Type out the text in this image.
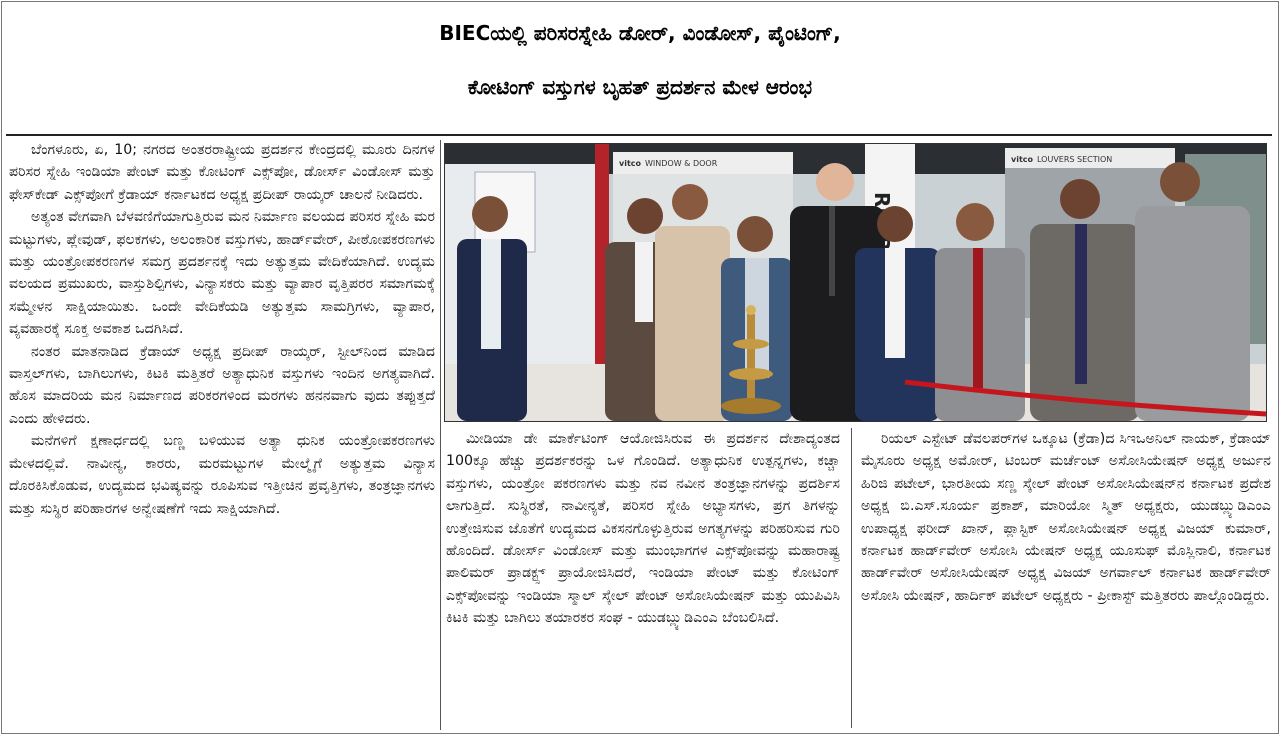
BIECಯಲ್ಲಿ ಪರಿಸರಸ್ನೇಹಿ ಡೋರ್, ವಿಂಡೋಸ್, ಪೈಂಟಿಂಗ್,
ಕೋಟಿಂಗ್ ವಸ್ತುಗಳ ಬೃಹತ್ ಪ್ರದರ್ಶನ ಮೇಳ ಆರಂಭ

ಬೆಂಗಳೂರು, ಏ, 10; ನಗರದ ಅಂತರರಾಷ್ಟ್ರೀಯ ಪ್ರದರ್ಶನ ಕೇಂದ್ರದಲ್ಲಿ ಮೂರು ದಿನಗಳ ಪರಿಸರ ಸ್ನೇಹಿ ಇಂಡಿಯಾ ಪೇಂಟ್ ಮತ್ತು ಕೋಟಿಂಗ್ ಎಕ್ಸ್‌ಪೋ, ಡೋರ್ಸ್ ವಿಂಡೋಸ್ ಮತ್ತು ಫೇಸ್‌ಕೇಡ್ ಎಕ್ಸ್‌ಪೋಗೆ ಕ್ರೆಡಾಯ್ ಕರ್ನಾಟಕದ ಅಧ್ಯಕ್ಷ ಪ್ರದೀಪ್ ರಾಯ್ಕರ್ ಚಾಲನೆ ನೀಡಿದರು.

ಅತ್ಯಂತ ವೇಗವಾಗಿ ಬೆಳವಣಿಗೆಯಾಗುತ್ತಿರುವ ಮನ ನಿರ್ಮಾಣ ವಲಯದ ಪರಿಸರ ಸ್ನೇಹಿ ಮರ ಮಟ್ಟುಗಳು, ಪ್ಲೇವುಡ್, ಫಲಕಗಳು, ಅಲಂಕಾರಿಕ ವಸ್ತುಗಳು, ಹಾರ್ಡ್‌ವೇರ್, ಪೀಠೋಪಕರಣಗಳು ಮತ್ತು ಯಂತ್ರೋಪಕರಣಗಳ ಸಮಗ್ರ ಪ್ರದರ್ಶನಕ್ಕೆ ಇದು ಅತ್ಯುತ್ತಮ ವೇದಿಕೆಯಾಗಿದೆ. ಉದ್ಯಮ ವಲಯದ ಪ್ರಮುಖರು, ವಾಸ್ತುಶಿಲ್ಪಿಗಳು, ವಿನ್ಯಾಸಕರು ಮತ್ತು ವ್ಯಾಪಾರ ವೃತ್ತಿಪರರ ಸಮಾಗಮಕ್ಕೆ ಸಮ್ಮೇಳನ ಸಾಕ್ಷಿಯಾಯಿತು. ಒಂದೇ ವೇದಿಕೆಯಡಿ ಅತ್ಯುತ್ತಮ ಸಾಮಗ್ರಿಗಳು, ವ್ಯಾಪಾರ, ವ್ಯವಹಾರಕ್ಕೆ ಸೂಕ್ತ ಅವಕಾಶ ಒದಗಿಸಿದೆ.

ನಂತರ ಮಾತನಾಡಿದ ಕ್ರೆಡಾಯ್ ಅಧ್ಯಕ್ಷ ಪ್ರದೀಪ್ ರಾಯ್ಕರ್, ಸ್ಟೀಲ್‌ನಿಂದ ಮಾಡಿದ ವಾಸ್ತಲ್‌ಗಳು, ಬಾಗಿಲುಗಳು, ಕಿಟಕಿ ಮತ್ತಿತರೆ ಅತ್ಯಾಧುನಿಕ ವಸ್ತುಗಳು ಇಂದಿನ ಅಗತ್ಯವಾಗಿದೆ. ಹೊಸ ಮಾದರಿಯ ಮನ ನಿರ್ಮಾಣದ ಪರಿಕರಗಳಿಂದ ಮರಗಳು ಹನನವಾಗು ವುದು ತಪ್ಪುತ್ತದೆ ಎಂದು ಹೇಳಿದರು.

ಮನೆಗಳಿಗೆ ಕ್ಷಣಾರ್ಧದಲ್ಲಿ ಬಣ್ಣ ಬಳಿಯುವ ಅತ್ಯಾ ಧುನಿಕ ಯಂತ್ರೋಪಕರಣಗಳು ಮೇಳದಲ್ಲಿವೆ. ನಾವೀನ್ಯ, ಕಾರರು, ಮರಮಟ್ಟುಗಳ ಮೇಲ್ಮೈಗೆ ಅತ್ಯುತ್ತಮ ವಿನ್ಯಾಸ ದೊರಕಿಸಿಕೊಡುವ, ಉದ್ಯಮದ ಭವಿಷ್ಯವನ್ನು ರೂಪಿಸುವ ಇತ್ತೀಚಿನ ಪ್ರವೃತ್ತಿಗಳು, ತಂತ್ರಜ್ಞಾನಗಳು ಮತ್ತು ಸುಸ್ಥಿರ ಪರಿಹಾರಗಳ ಅನ್ವೇಷಣೆಗೆ ಇದು ಸಾಕ್ಷಿಯಾಗಿದೆ.

vitco WINDOW & DOOR	vitco LOUVERS SECTION

ಮೀಡಿಯಾ ಡೇ ಮಾರ್ಕೆಟಿಂಗ್ ಆಯೋಜಿಸಿರುವ ಈ ಪ್ರದರ್ಶನ ದೇಶಾದ್ಯಂತದ 100ಕ್ಕೂ ಹೆಚ್ಚು ಪ್ರದರ್ಶಕರನ್ನು ಒಳ ಗೊಂಡಿದೆ. ಅತ್ಯಾಧುನಿಕ ಉತ್ಪನ್ನಗಳು, ಕಚ್ಚಾ ವಸ್ತುಗಳು, ಯಂತ್ರೋ ಪಕರಣಗಳು ಮತ್ತು ನವ ನವೀನ ತಂತ್ರಜ್ಞಾನಗಳನ್ನು ಪ್ರದರ್ಶಿಸ ಲಾಗುತ್ತಿದೆ. ಸುಸ್ಥಿರತೆ, ನಾವೀನ್ಯತೆ, ಪರಿಸರ ಸ್ನೇಹಿ ಅಭ್ಯಾಸಗಳು, ಪ್ರಗ ತಿಗಳನ್ನು ಉತ್ತೇಜಿಸುವ ಜೊತೆಗೆ ಉದ್ಯಮದ ವಿಕಸನಗೊಳ್ಳುತ್ತಿರುವ ಅಗತ್ಯಗಳನ್ನು ಪರಿಹರಿಸುವ ಗುರಿ ಹೊಂದಿದೆ. ಡೋರ್ಸ್ ವಿಂಡೋಸ್ ಮತ್ತು ಮುಂಭಾಗಗಳ ಎಕ್ಸ್‌ಪೋವನ್ನು ಮಹಾರಾಷ್ಟ್ರ ಪಾಲಿಮರ್ ಪ್ರಾಡಕ್ಟ್ಸ್ ಪ್ರಾಯೋಜಿಸಿದರೆ, ಇಂಡಿಯಾ ಪೇಂಟ್ ಮತ್ತು ಕೋಟಿಂಗ್ ಎಕ್ಸ್‌ಪೋವನ್ನು ಇಂಡಿಯಾ ಸ್ಮಾಲ್ ಸ್ಕೇಲ್ ಪೇಂಟ್ ಅಸೋಸಿಯೇಷನ್ ಮತ್ತು ಯುಪಿವಿಸಿ ಕಿಟಕಿ ಮತ್ತು ಬಾಗಿಲು ತಯಾರಕರ ಸಂಘ - ಯುಡಬ್ಲ್ಯುಡಿಎಂಎ ಬೆಂಬಲಿಸಿದೆ.

ರಿಯಲ್ ಎಸ್ಟೇಟ್ ಡೆವಲಪರ್‌ಗಳ ಒಕ್ಕೂಟ (ಕ್ರೆಡಾ)ದ ಸಿಇಒಅನಿಲ್ ನಾಯಕ್, ಕ್ರೆಡಾಯ್ ಮೈಸೂರು ಅಧ್ಯಕ್ಷ ಅಮೋರ್, ಟಿಂಬರ್ ಮರ್ಚೆಂಟ್ ಅಸೋಸಿಯೇಷನ್ ಅಧ್ಯಕ್ಷ ಅರ್ಜುನ ಹಿರಿಜಿ ಪಟೇಲ್, ಭಾರತೀಯ ಸಣ್ಣ ಸ್ಕೇಲ್ ಪೇಂಟ್ ಅಸೋಸಿಯೇಷನ್‌ನ ಕರ್ನಾಟಕ ಪ್ರದೇಶ ಅಧ್ಯಕ್ಷ ಬಿ.ಎಸ್.ಸೂರ್ಯ ಪ್ರಕಾಶ್, ಮಾರಿಯೋ ಸ್ಮಿತ್ ಅಧ್ಯಕ್ಷರು, ಯುಡಬ್ಲ್ಯುಡಿಎಂಎ ಉಪಾಧ್ಯಕ್ಷ ಫರೀದ್ ಖಾನ್, ಪ್ಲಾಸ್ಟಿಕ್ ಅಸೋಸಿಯೇಷನ್ ಅಧ್ಯಕ್ಷ ವಿಜಯ್ ಕುಮಾರ್, ಕರ್ನಾಟಕ ಹಾರ್ಡ್‌ವೇರ್ ಅಸೋಸಿ ಯೇಷನ್ ಅಧ್ಯಕ್ಷ ಯೂಸುಫ್ ಮೊಸ್ಲಿನಾಲಿ, ಕರ್ನಾಟಕ ಹಾರ್ಡ್‌ವೇರ್ ಅಸೋಸಿಯೇಷನ್ ಅಧ್ಯಕ್ಷ ವಿಜಯ್ ಅಗರ್ವಾಲ್ ಕರ್ನಾಟಕ ಹಾರ್ಡ್‌ವೇರ್ ಅಸೋಸಿ ಯೇಷನ್, ಹಾರ್ದಿಕ್ ಪಟೇಲ್ ಅಧ್ಯಕ್ಷರು - ಪ್ರೀಕಾಸ್ಟ್ ಮತ್ತಿತರರು ಪಾಲ್ಗೊಂಡಿದ್ದರು.
